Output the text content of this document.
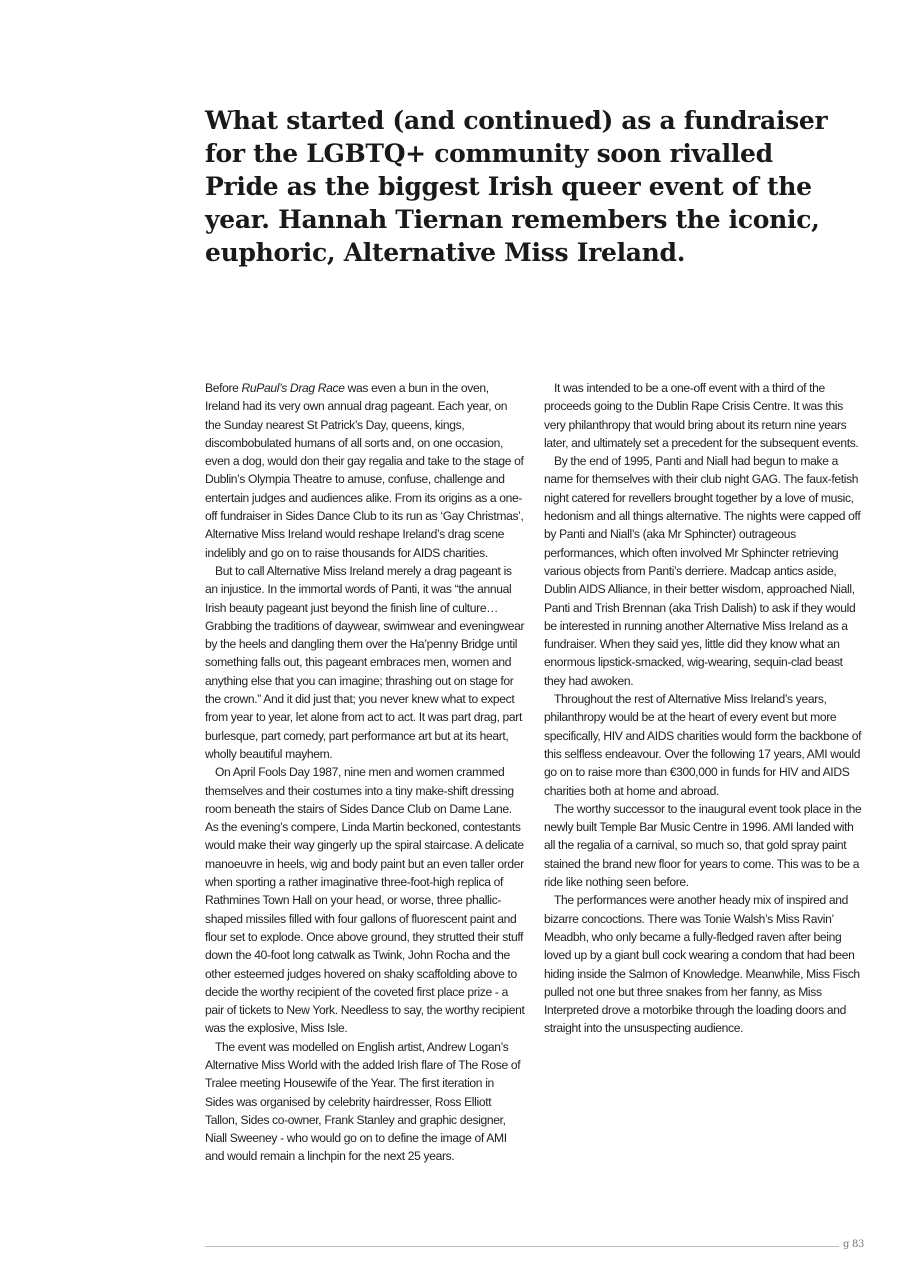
What started (and continued) as a fundraiser for the LGBTQ+ community soon rivalled Pride as the biggest Irish queer event of the year. Hannah Tiernan remembers the iconic, euphoric, Alternative Miss Ireland.

Before RuPaul’s Drag Race was even a bun in the oven, Ireland had its very own annual drag pageant. Each year, on the Sunday nearest St Patrick’s Day, queens, kings, discombobulated humans of all sorts and, on one occasion, even a dog, would don their gay regalia and take to the stage of Dublin’s Olympia Theatre to amuse, confuse, challenge and entertain judges and audiences alike. From its origins as a one-off fundraiser in Sides Dance Club to its run as ‘Gay Christmas’, Alternative Miss Ireland would reshape Ireland’s drag scene indelibly and go on to raise thousands for AIDS charities.

But to call Alternative Miss Ireland merely a drag pageant is an injustice. In the immortal words of Panti, it was “the annual Irish beauty pageant just beyond the finish line of culture… Grabbing the traditions of daywear, swimwear and eveningwear by the heels and dangling them over the Ha’penny Bridge until something falls out, this pageant embraces men, women and anything else that you can imagine; thrashing out on stage for the crown.” And it did just that; you never knew what to expect from year to year, let alone from act to act. It was part drag, part burlesque, part comedy, part performance art but at its heart, wholly beautiful mayhem.

On April Fools Day 1987, nine men and women crammed themselves and their costumes into a tiny make-shift dressing room beneath the stairs of Sides Dance Club on Dame Lane. As the evening’s compere, Linda Martin beckoned, contestants would make their way gingerly up the spiral staircase. A delicate manoeuvre in heels, wig and body paint but an even taller order when sporting a rather imaginative three-foot-high replica of Rathmines Town Hall on your head, or worse, three phallic-shaped missiles filled with four gallons of fluorescent paint and flour set to explode. Once above ground, they strutted their stuff down the 40-foot long catwalk as Twink, John Rocha and the other esteemed judges hovered on shaky scaffolding above to decide the worthy recipient of the coveted first place prize - a pair of tickets to New York. Needless to say, the worthy recipient was the explosive, Miss Isle.

The event was modelled on English artist, Andrew Logan’s Alternative Miss World with the added Irish flare of The Rose of Tralee meeting Housewife of the Year. The first iteration in Sides was organised by celebrity hairdresser, Ross Elliott Tallon, Sides co-owner, Frank Stanley and graphic designer, Niall Sweeney - who would go on to define the image of AMI and would remain a linchpin for the next 25 years.

It was intended to be a one-off event with a third of the proceeds going to the Dublin Rape Crisis Centre. It was this very philanthropy that would bring about its return nine years later, and ultimately set a precedent for the subsequent events.

By the end of 1995, Panti and Niall had begun to make a name for themselves with their club night GAG. The faux-fetish night catered for revellers brought together by a love of music, hedonism and all things alternative. The nights were capped off by Panti and Niall’s (aka Mr Sphincter) outrageous performances, which often involved Mr Sphincter retrieving various objects from Panti’s derriere. Madcap antics aside, Dublin AIDS Alliance, in their better wisdom, approached Niall, Panti and Trish Brennan (aka Trish Dalish) to ask if they would be interested in running another Alternative Miss Ireland as a fundraiser. When they said yes, little did they know what an enormous lipstick-smacked, wig-wearing, sequin-clad beast they had awoken.

Throughout the rest of Alternative Miss Ireland’s years, philanthropy would be at the heart of every event but more specifically, HIV and AIDS charities would form the backbone of this selfless endeavour. Over the following 17 years, AMI would go on to raise more than €300,000 in funds for HIV and AIDS charities both at home and abroad.

The worthy successor to the inaugural event took place in the newly built Temple Bar Music Centre in 1996. AMI landed with all the regalia of a carnival, so much so, that gold spray paint stained the brand new floor for years to come. This was to be a ride like nothing seen before.

The performances were another heady mix of inspired and bizarre concoctions. There was Tonie Walsh’s Miss Ravin’ Meadbh, who only became a fully-fledged raven after being loved up by a giant bull cock wearing a condom that had been hiding inside the Salmon of Knowledge. Meanwhile, Miss Fisch pulled not one but three snakes from her fanny, as Miss Interpreted drove a motorbike through the loading doors and straight into the unsuspecting audience.

g 83
